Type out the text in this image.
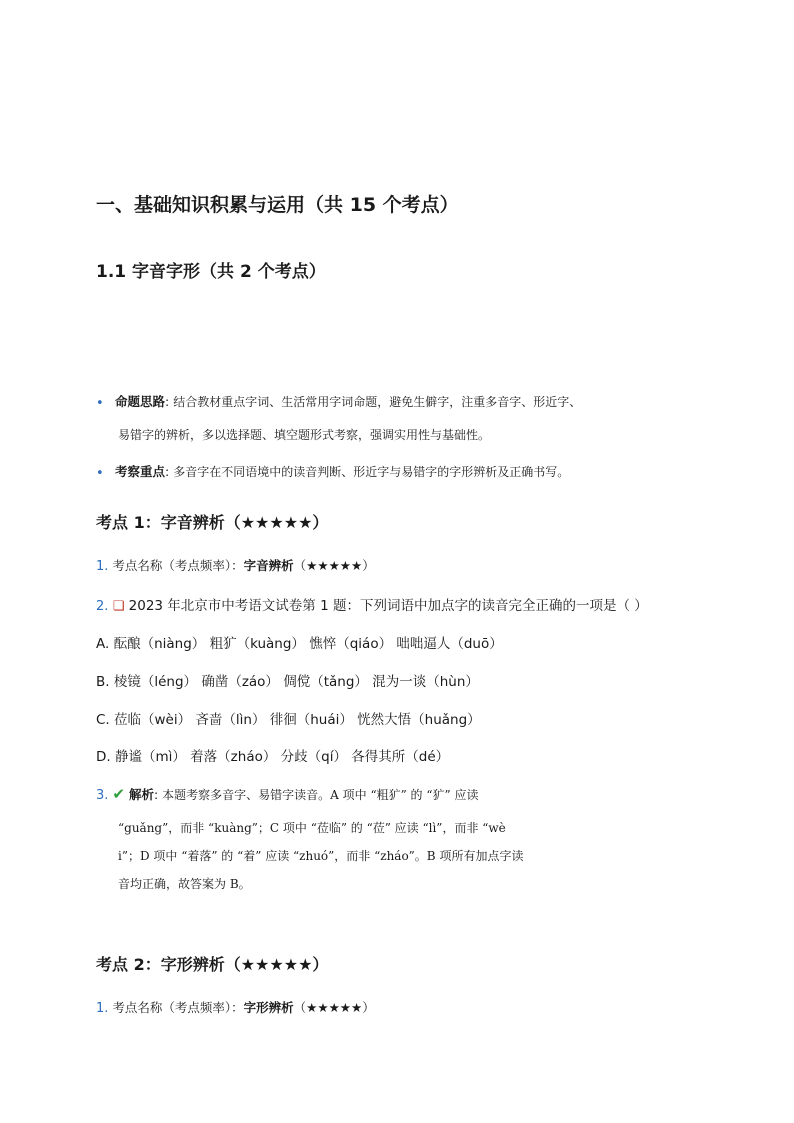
一、基础知识积累与运用（共 15 个考点）
1.1 字音字形（共 2 个考点）
• 命题思路: 结合教材重点字词、生活常用字词命题，避免生僻字，注重多音字、形近字、
易错字的辨析，多以选择题、填空题形式考察，强调实用性与基础性。
• 考察重点: 多音字在不同语境中的读音判断、形近字与易错字的字形辨析及正确书写。
考点 1：字音辨析（★★★★★）
1. 考点名称（考点频率）：字音辨析（★★★★★）
2. ❏ 2023 年北京市中考语文试卷第 1 题：下列词语中加点字的读音完全正确的一项是（ ）
A. 酝酿（niàng） 粗犷（kuàng） 憔悴（qiáo） 咄咄逼人（duō）
B. 棱镜（léng） 确凿（záo） 倜傥（tǎng） 混为一谈（hùn）
C. 莅临（wèi） 吝啬（lìn） 徘徊（huái） 恍然大悟（huǎng）
D. 静谧（mì） 着落（zháo） 分歧（qí） 各得其所（dé）
3. ✔ 解析: 本题考察多音字、易错字读音。A 项中 “粗犷” 的 “犷” 应读
“guǎng”，而非 “kuàng”；C 项中 “莅临” 的 “莅” 应读 “lì”，而非 “wè
i”；D 项中 “着落” 的 “着” 应读 “zhuó”，而非 “zháo”。B 项所有加点字读
音均正确，故答案为 B。
考点 2：字形辨析（★★★★★）
1. 考点名称（考点频率）：字形辨析（★★★★★）
